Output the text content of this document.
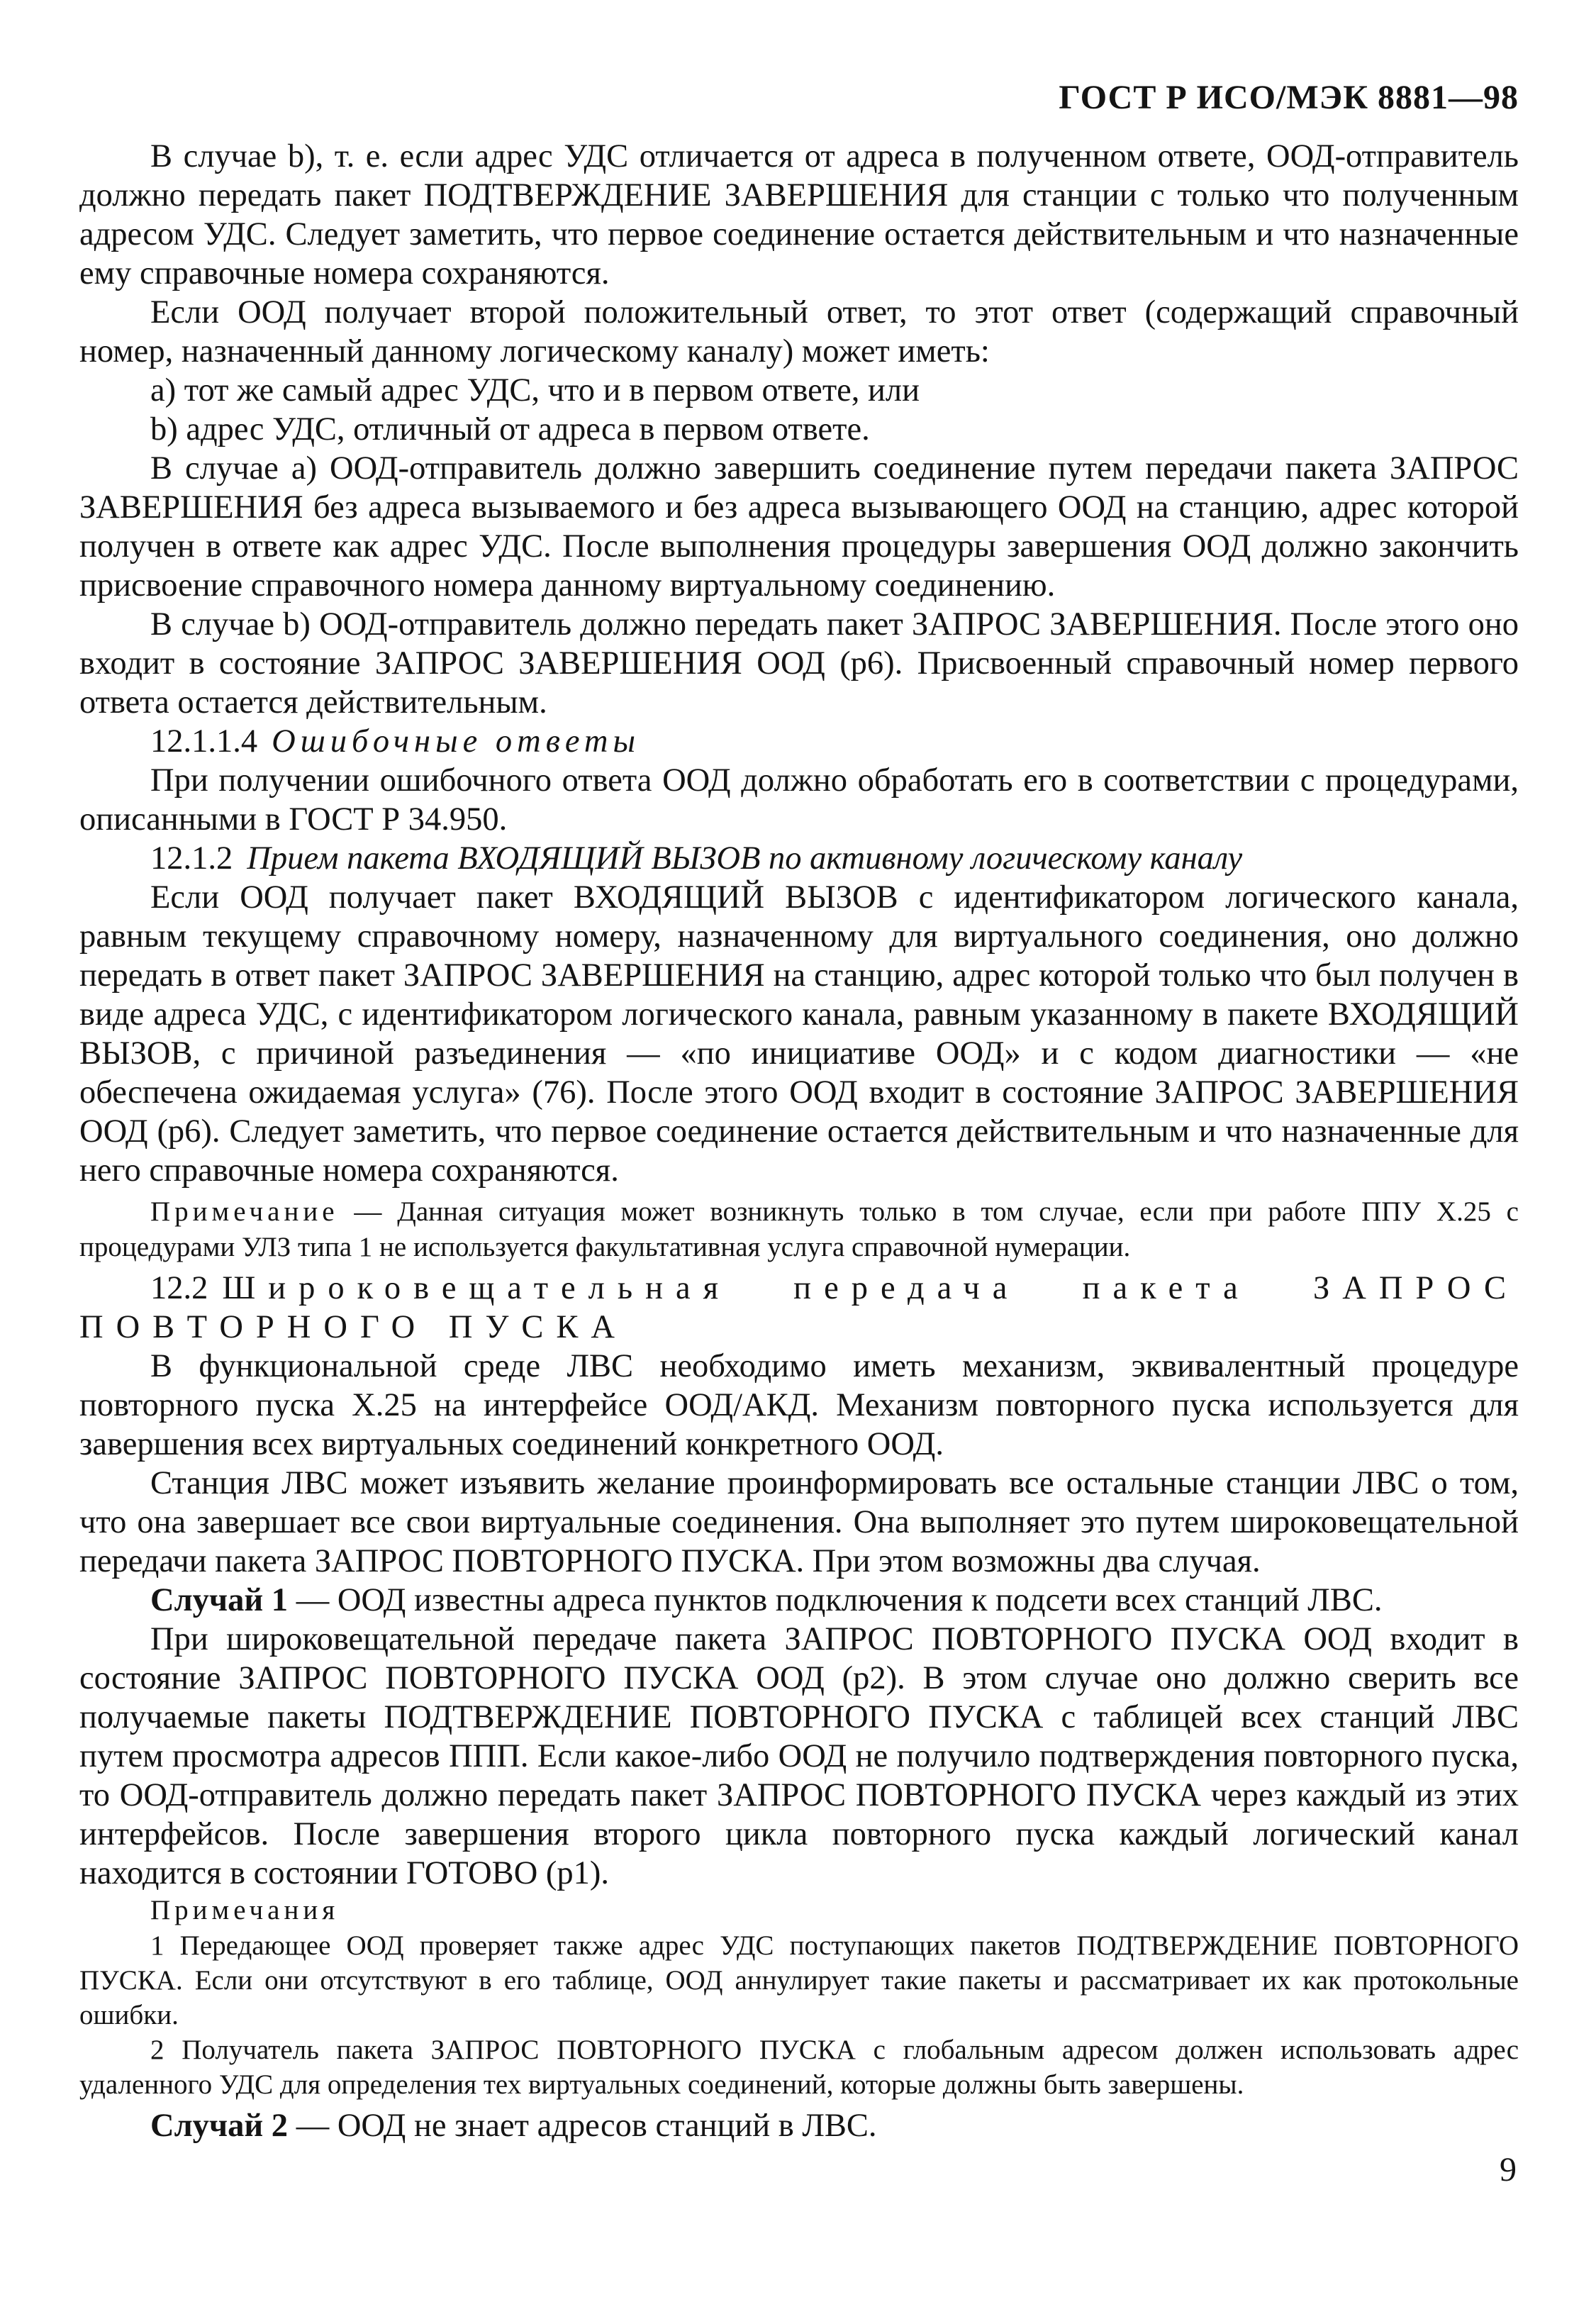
ГОСТ Р ИСО/МЭК 8881—98

В случае b), т. е. если адрес УДС отличается от адреса в полученном ответе, ООД-отправитель должно передать пакет ПОДТВЕРЖДЕНИЕ ЗАВЕРШЕНИЯ для станции с только что полученным адресом УДС. Следует заметить, что первое соединение остается действительным и что назначенные ему справочные номера сохраняются.

Если ООД получает второй положительный ответ, то этот ответ (содержащий справочный номер, назначенный данному логическому каналу) может иметь:

а) тот же самый адрес УДС, что и в первом ответе, или

b) адрес УДС, отличный от адреса в первом ответе.

В случае а) ООД-отправитель должно завершить соединение путем передачи пакета ЗАПРОС ЗАВЕРШЕНИЯ без адреса вызываемого и без адреса вызывающего ООД на станцию, адрес которой получен в ответе как адрес УДС. После выполнения процедуры завершения ООД должно закончить присвоение справочного номера данному виртуальному соединению.

В случае b) ООД-отправитель должно передать пакет ЗАПРОС ЗАВЕРШЕНИЯ. После этого оно входит в состояние ЗАПРОС ЗАВЕРШЕНИЯ ООД (р6). Присвоенный справочный номер первого ответа остается действительным.

12.1.1.4 Ошибочные ответы

При получении ошибочного ответа ООД должно обработать его в соответствии с процедурами, описанными в ГОСТ Р 34.950.

12.1.2 Прием пакета ВХОДЯЩИЙ ВЫЗОВ по активному логическому каналу

Если ООД получает пакет ВХОДЯЩИЙ ВЫЗОВ с идентификатором логического канала, равным текущему справочному номеру, назначенному для виртуального соединения, оно должно передать в ответ пакет ЗАПРОС ЗАВЕРШЕНИЯ на станцию, адрес которой только что был получен в виде адреса УДС, с идентификатором логического канала, равным указанному в пакете ВХОДЯЩИЙ ВЫЗОВ, с причиной разъединения — «по инициативе ООД» и с кодом диагностики — «не обеспечена ожидаемая услуга» (76). После этого ООД входит в состояние ЗАПРОС ЗАВЕРШЕНИЯ ООД (р6). Следует заметить, что первое соединение остается действительным и что назначенные для него справочные номера сохраняются.

Примечание — Данная ситуация может возникнуть только в том случае, если при работе ППУ X.25 с процедурами УЛЗ типа 1 не используется факультативная услуга справочной нумерации.

12.2 Широковещательная передача пакета ЗАПРОС ПОВТОРНОГО ПУСКА

В функциональной среде ЛВС необходимо иметь механизм, эквивалентный процедуре повторного пуска X.25 на интерфейсе ООД/АКД. Механизм повторного пуска используется для завершения всех виртуальных соединений конкретного ООД.

Станция ЛВС может изъявить желание проинформировать все остальные станции ЛВС о том, что она завершает все свои виртуальные соединения. Она выполняет это путем широковещательной передачи пакета ЗАПРОС ПОВТОРНОГО ПУСКА. При этом возможны два случая.

Случай 1 — ООД известны адреса пунктов подключения к подсети всех станций ЛВС.

При широковещательной передаче пакета ЗАПРОС ПОВТОРНОГО ПУСКА ООД входит в состояние ЗАПРОС ПОВТОРНОГО ПУСКА ООД (р2). В этом случае оно должно сверить все получаемые пакеты ПОДТВЕРЖДЕНИЕ ПОВТОРНОГО ПУСКА с таблицей всех станций ЛВС путем просмотра адресов ППП. Если какое-либо ООД не получило подтверждения повторного пуска, то ООД-отправитель должно передать пакет ЗАПРОС ПОВТОРНОГО ПУСКА через каждый из этих интерфейсов. После завершения второго цикла повторного пуска каждый логический канал находится в состоянии ГОТОВО (р1).

Примечания

1 Передающее ООД проверяет также адрес УДС поступающих пакетов ПОДТВЕРЖДЕНИЕ ПОВТОРНОГО ПУСКА. Если они отсутствуют в его таблице, ООД аннулирует такие пакеты и рассматривает их как протокольные ошибки.

2 Получатель пакета ЗАПРОС ПОВТОРНОГО ПУСКА с глобальным адресом должен использовать адрес удаленного УДС для определения тех виртуальных соединений, которые должны быть завершены.

Случай 2 — ООД не знает адресов станций в ЛВС.

9
